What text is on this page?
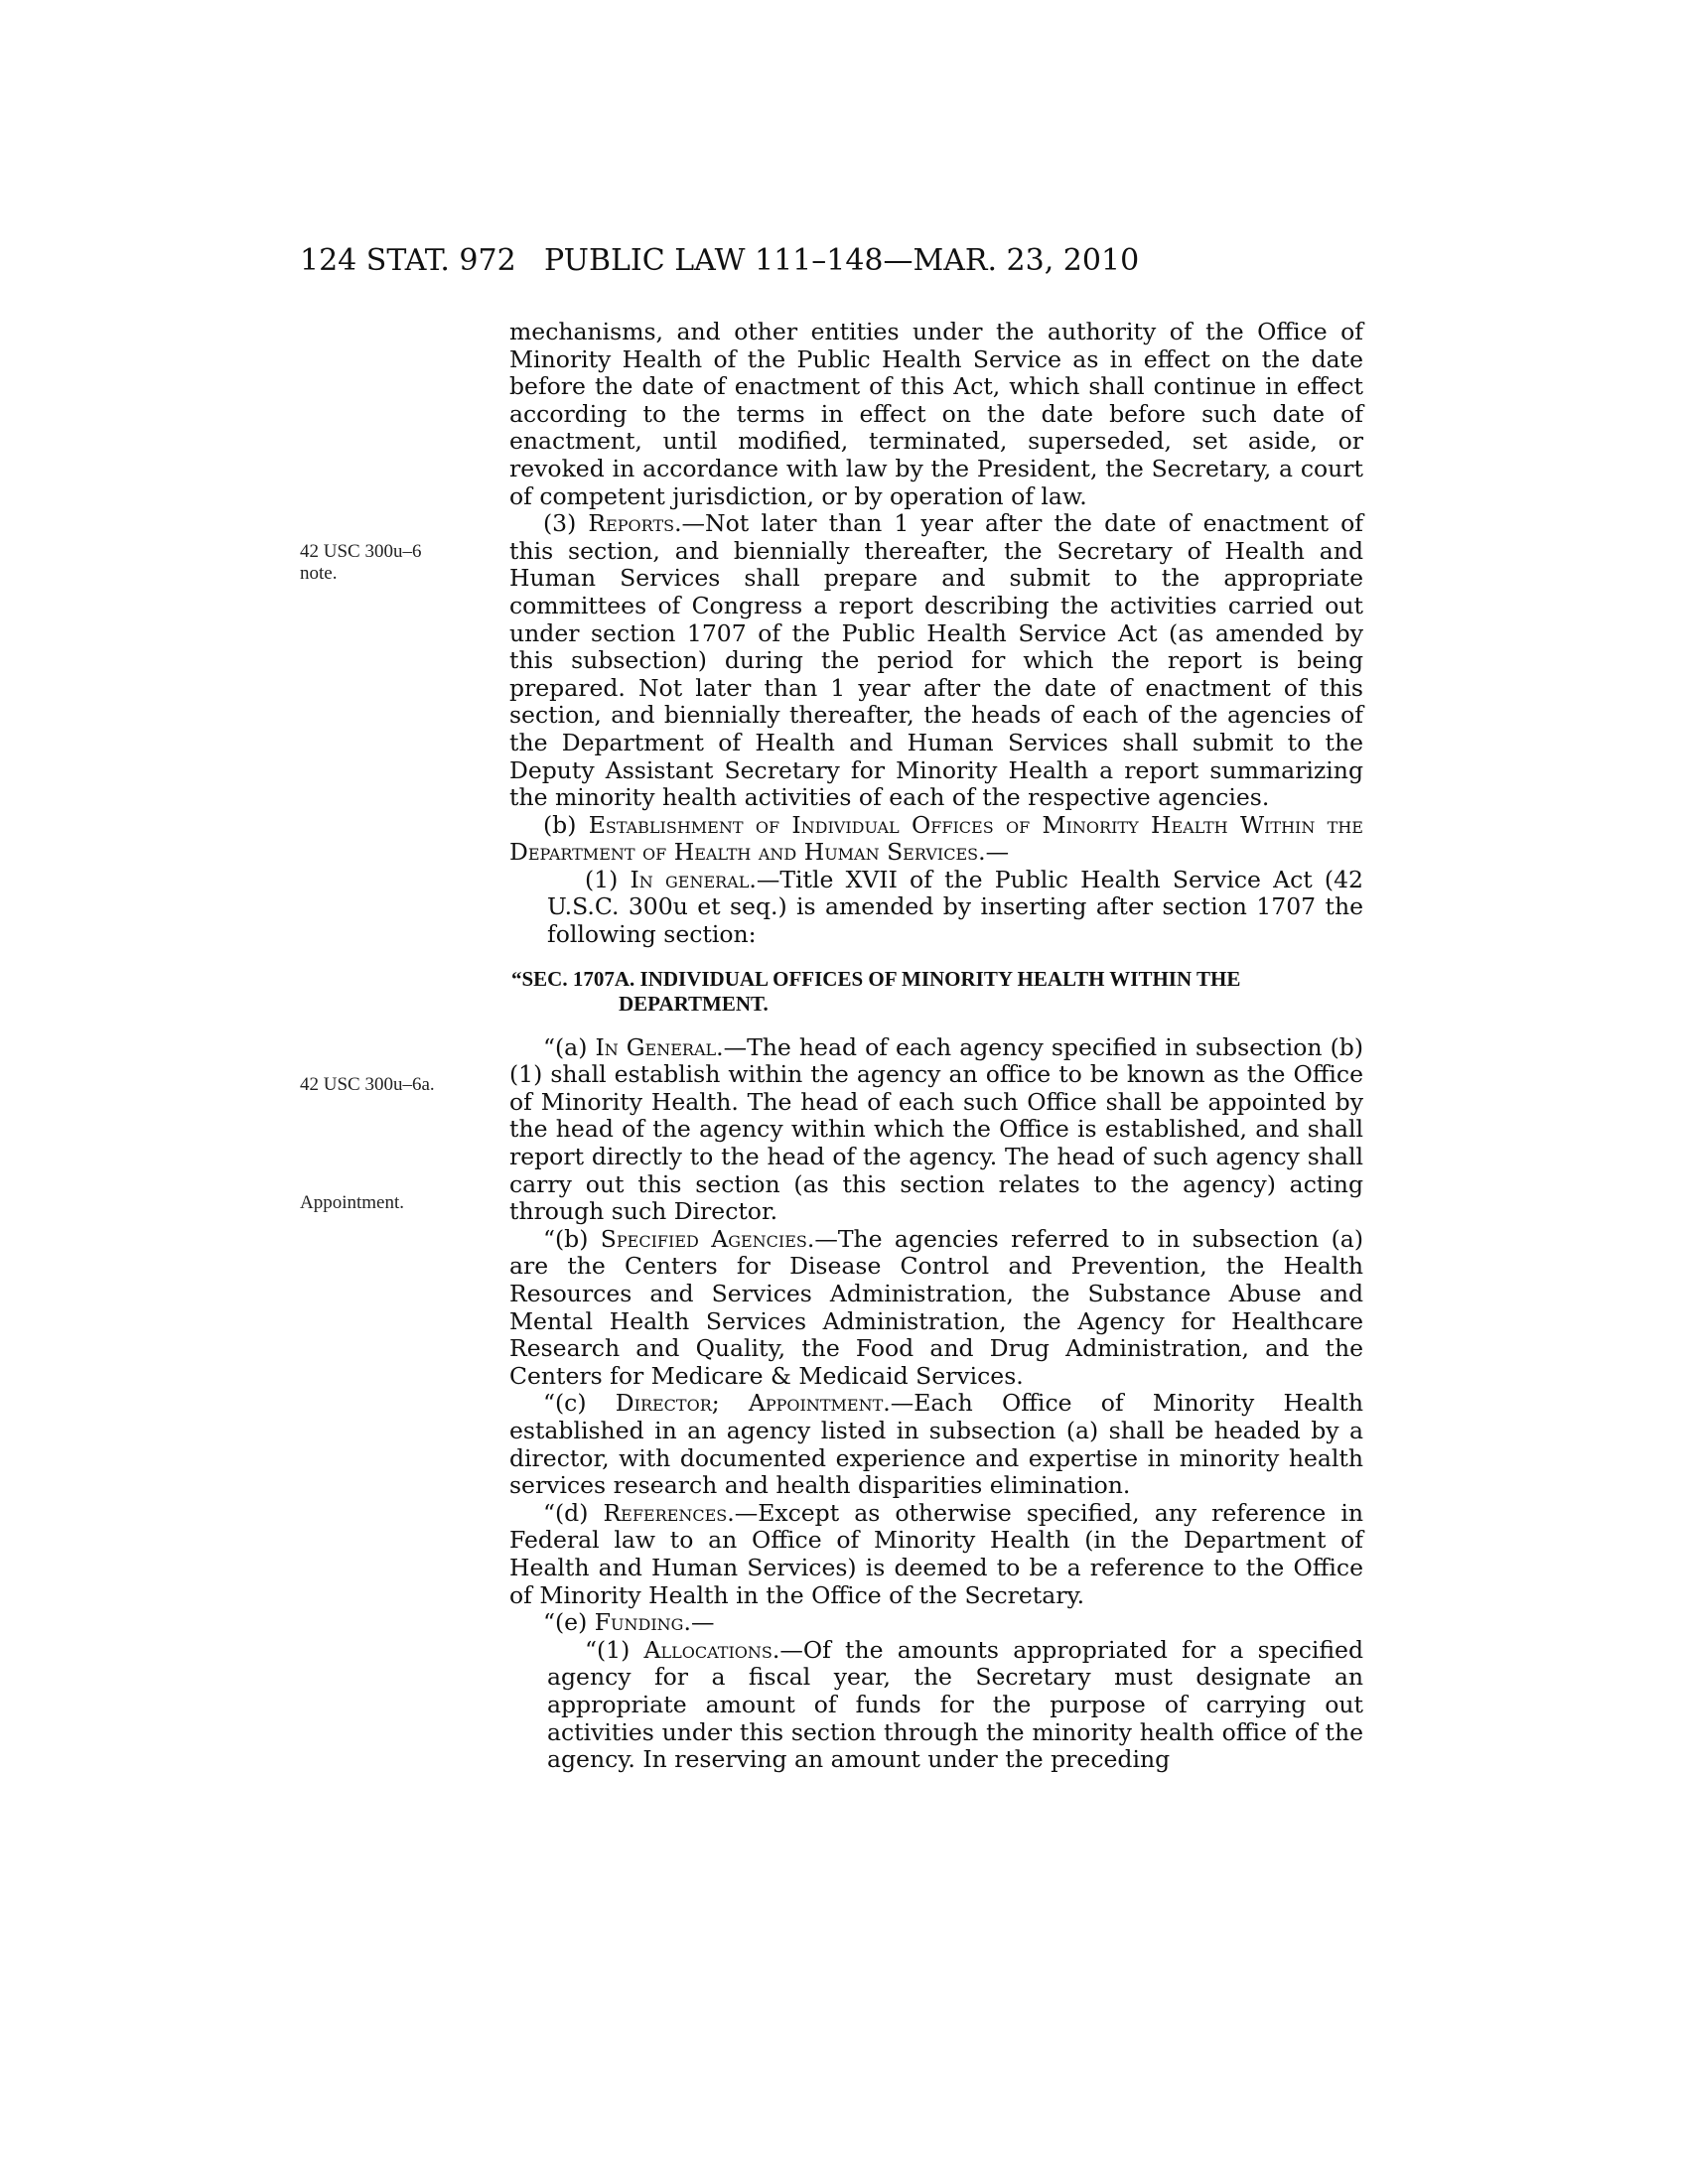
124 STAT. 972 PUBLIC LAW 111–148—MAR. 23, 2010
42 USC 300u–6
note.
42 USC 300u–6a.
Appointment.

mechanisms, and other entities under the authority of the Office of Minority Health of the Public Health Service as in effect on the date before the date of enactment of this Act, which shall continue in effect according to the terms in effect on the date before such date of enactment, until modified, terminated, superseded, set aside, or revoked in accordance with law by the President, the Secretary, a court of competent jurisdiction, or by operation of law.

(3) Reports.—Not later than 1 year after the date of enactment of this section, and biennially thereafter, the Secretary of Health and Human Services shall prepare and submit to the appropriate committees of Congress a report describing the activities carried out under section 1707 of the Public Health Service Act (as amended by this subsection) during the period for which the report is being prepared. Not later than 1 year after the date of enactment of this section, and biennially thereafter, the heads of each of the agencies of the Department of Health and Human Services shall submit to the Deputy Assistant Secretary for Minority Health a report summarizing the minority health activities of each of the respective agencies.

(b) Establishment of Individual Offices of Minority Health Within the Department of Health and Human Services.—

(1) In general.—Title XVII of the Public Health Service Act (42 U.S.C. 300u et seq.) is amended by inserting after section 1707 the following section:

“SEC. 1707A. INDIVIDUAL OFFICES OF MINORITY HEALTH WITHIN THE DEPARTMENT.

“(a) In General.—The head of each agency specified in subsection (b)(1) shall establish within the agency an office to be known as the Office of Minority Health. The head of each such Office shall be appointed by the head of the agency within which the Office is established, and shall report directly to the head of the agency. The head of such agency shall carry out this section (as this section relates to the agency) acting through such Director.

“(b) Specified Agencies.—The agencies referred to in subsection (a) are the Centers for Disease Control and Prevention, the Health Resources and Services Administration, the Substance Abuse and Mental Health Services Administration, the Agency for Healthcare Research and Quality, the Food and Drug Administration, and the Centers for Medicare & Medicaid Services.

“(c) Director; Appointment.—Each Office of Minority Health established in an agency listed in subsection (a) shall be headed by a director, with documented experience and expertise in minority health services research and health disparities elimination.

“(d) References.—Except as otherwise specified, any reference in Federal law to an Office of Minority Health (in the Department of Health and Human Services) is deemed to be a reference to the Office of Minority Health in the Office of the Secretary.

“(e) Funding.—

“(1) Allocations.—Of the amounts appropriated for a specified agency for a fiscal year, the Secretary must designate an appropriate amount of funds for the purpose of carrying out activities under this section through the minority health office of the agency. In reserving an amount under the preceding
